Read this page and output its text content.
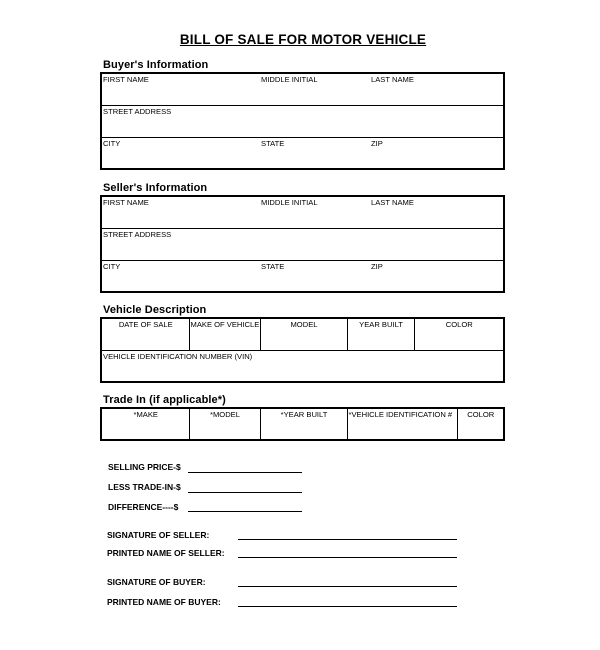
BILL OF SALE FOR MOTOR VEHICLE
Buyer's Information
FIRST NAME	MIDDLE INITIAL	LAST NAME

STREET ADDRESS		

CITY	STATE	ZIP
Seller's Information
FIRST NAME	MIDDLE INITIAL	LAST NAME

STREET ADDRESS		

CITY	STATE	ZIP
Vehicle Description
DATE OF SALE	MAKE OF VEHICLE	MODEL	YEAR BUILT	COLOR

VEHICLE IDENTIFICATION NUMBER (VIN)
Trade In (if applicable*)
*MAKE	*MODEL	*YEAR BUILT	*VEHICLE IDENTIFICATION #	COLOR
SELLING PRICE-$
LESS TRADE-IN-$
DIFFERENCE----$
SIGNATURE OF SELLER:
PRINTED NAME OF SELLER:
SIGNATURE OF BUYER:
PRINTED NAME OF BUYER:
